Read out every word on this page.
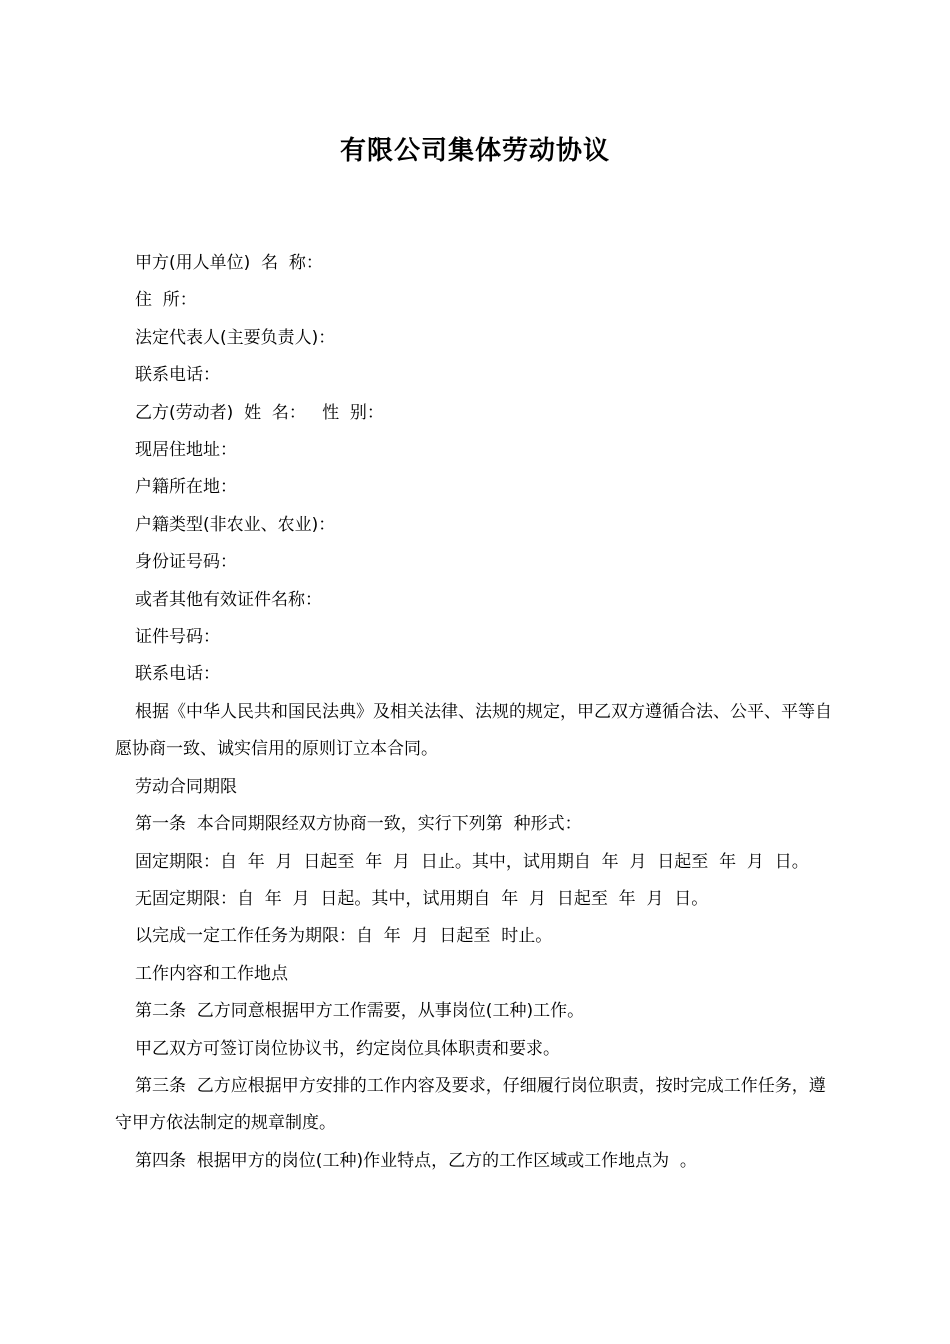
有限公司集体劳动协议

甲方(用人单位)  名  称：

住  所：

法定代表人(主要负责人)：

联系电话：

乙方(劳动者)  姓  名：   性  别：

现居住地址：

户籍所在地：

户籍类型(非农业、农业)：

身份证号码：

或者其他有效证件名称：

证件号码：

联系电话：

根据《中华人民共和国民法典》及相关法律、法规的规定，甲乙双方遵循合法、公平、平等自愿协商一致、诚实信用的原则订立本合同。

劳动合同期限

第一条  本合同期限经双方协商一致，实行下列第  种形式：

固定期限：自  年  月  日起至  年  月  日止。其中，试用期自  年  月  日起至  年  月  日。

无固定期限：自  年  月  日起。其中，试用期自  年  月  日起至  年  月  日。

以完成一定工作任务为期限：自  年  月  日起至  时止。

工作内容和工作地点

第二条  乙方同意根据甲方工作需要，从事岗位(工种)工作。

甲乙双方可签订岗位协议书，约定岗位具体职责和要求。

第三条  乙方应根据甲方安排的工作内容及要求，仔细履行岗位职责，按时完成工作任务，遵守甲方依法制定的规章制度。

第四条  根据甲方的岗位(工种)作业特点，乙方的工作区域或工作地点为  。
